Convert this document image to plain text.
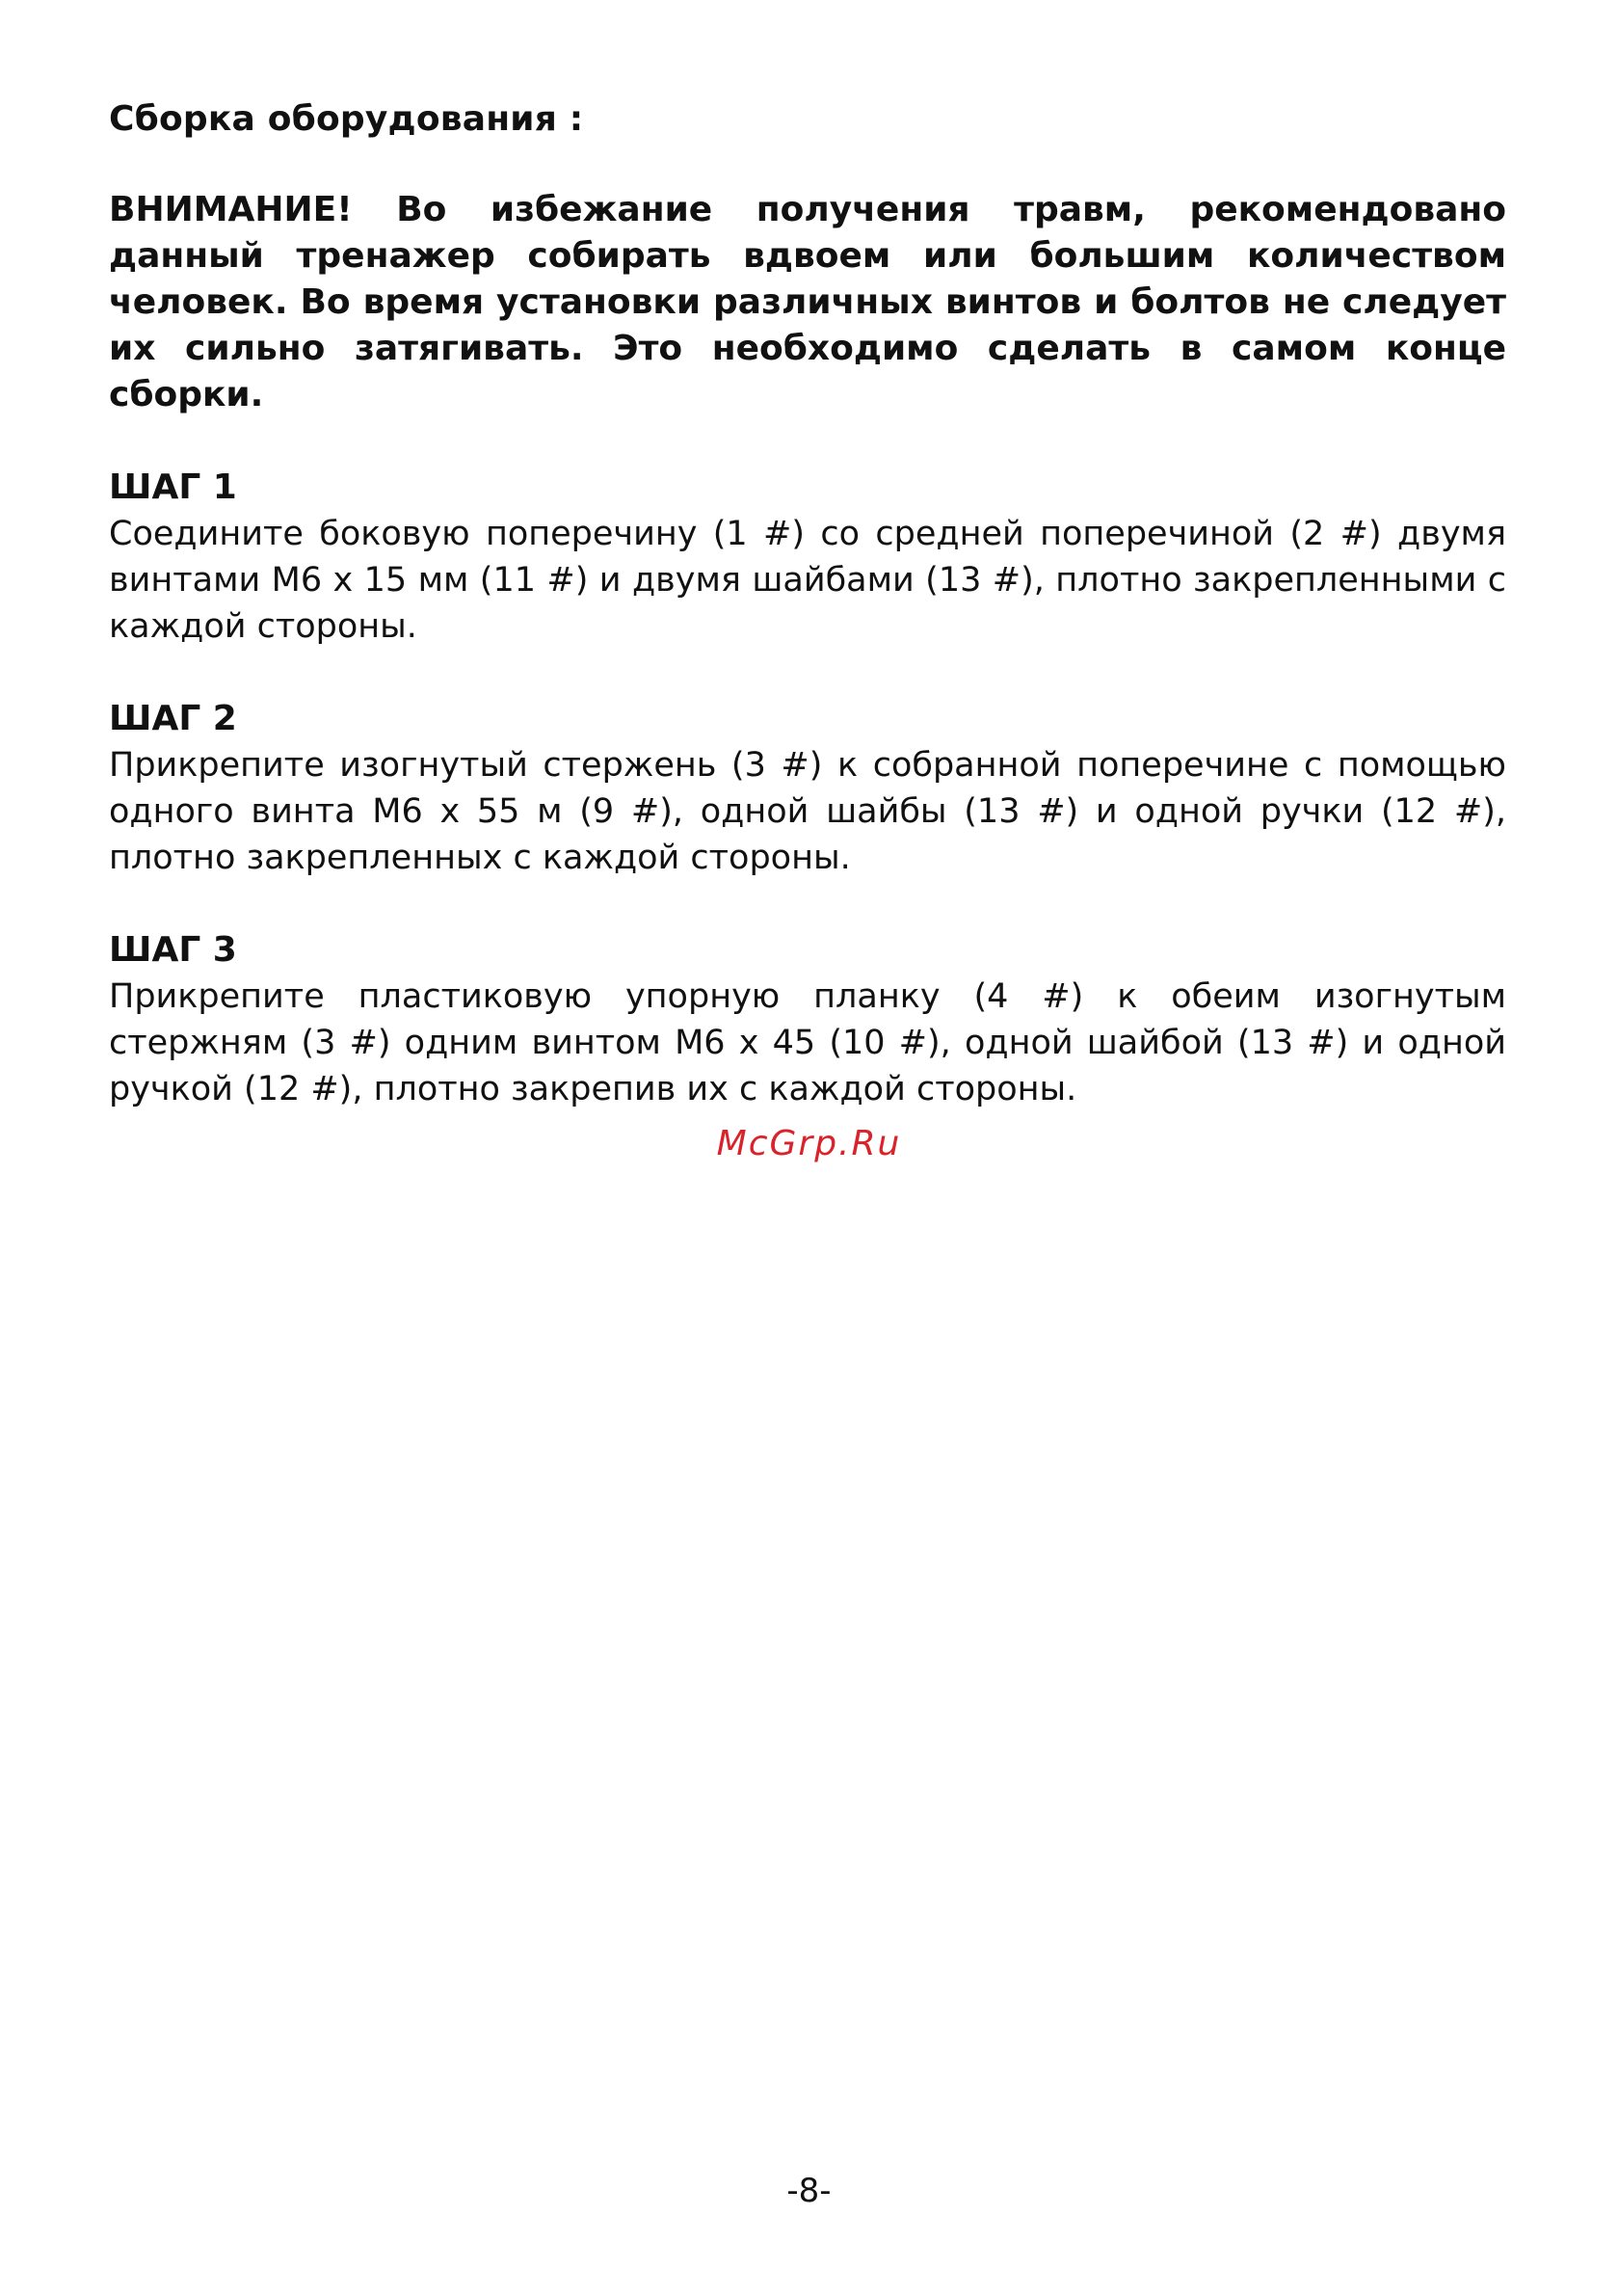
Сборка оборудования :
ВНИМАНИЕ! Во избежание получения травм, рекомендовано данный тренажер собирать вдвоем или большим количеством человек. Во время установки различных винтов и болтов не следует их сильно затягивать. Это необходимо сделать в самом конце сборки.
ШАГ 1
Соедините боковую поперечину (1 #) со средней поперечиной (2 #) двумя винтами M6 x 15 мм (11 #) и двумя шайбами (13 #), плотно закрепленными с каждой стороны.
ШАГ 2
Прикрепите изогнутый стержень (3 #) к собранной поперечине с помощью одного винта M6 x 55 м (9 #), одной шайбы (13 #) и одной ручки (12 #), плотно закрепленных с каждой стороны.
ШАГ 3
Прикрепите пластиковую упорную планку (4 #) к обеим изогнутым стержням (3 #) одним винтом M6 x 45 (10 #), одной шайбой (13 #) и одной ручкой (12 #), плотно закрепив их с каждой стороны.
McGrp.Ru
-8-
